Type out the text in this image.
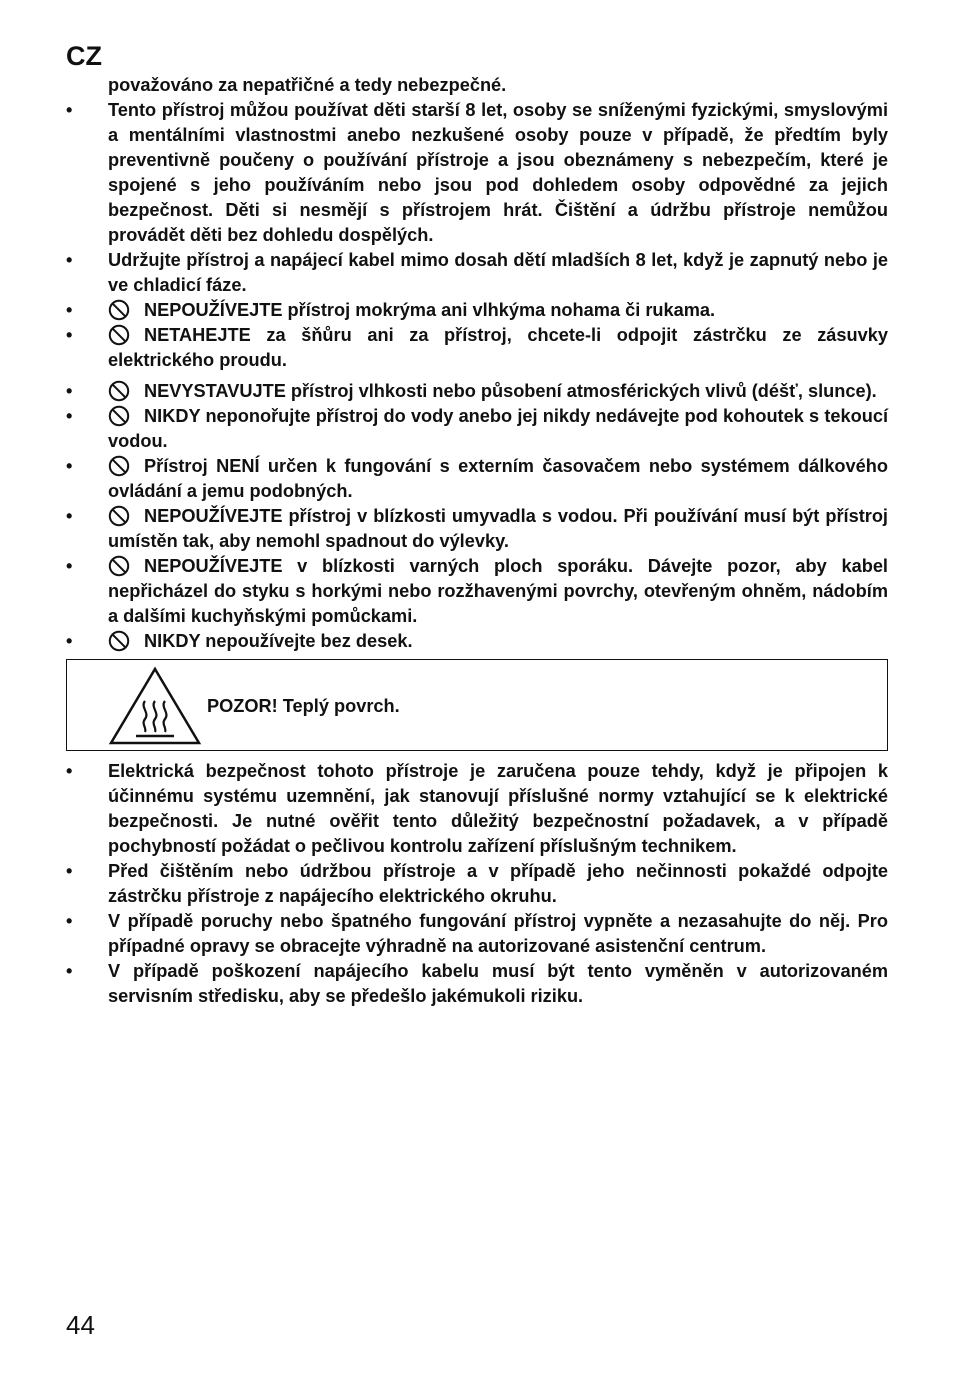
CZ

považováno za nepatřičné a tedy nebezpečné.

•	Tento přístroj můžou používat děti starší 8 let, osoby se sníženými fyzickými, smyslovými a mentálními vlastnostmi anebo nezkušené osoby pouze v případě, že předtím byly preventivně poučeny o používání přístroje a jsou obeznámeny s nebezpečím, které je spojené s jeho používáním nebo jsou pod dohledem osoby odpovědné za jejich bezpečnost. Děti si nesmějí s přístrojem hrát. Čištění a údržbu přístroje nemůžou provádět děti bez dohledu dospělých.
•	Udržujte přístroj a napájecí kabel mimo dosah dětí mladších 8 let, když je zapnutý nebo je ve chladicí fáze.
•	NEPOUŽÍVEJTE přístroj mokrýma ani vlhkýma nohama či rukama.
•	NETAHEJTE za šňůru ani za přístroj, chcete-li odpojit zástrčku ze zásuvky elektrického proudu.
•	NEVYSTAVUJTE přístroj vlhkosti nebo působení atmosférických vlivů (déšť, slunce).
•	NIKDY neponořujte přístroj do vody anebo jej nikdy nedávejte pod kohoutek s tekoucí vodou.
•	Přístroj NENÍ určen k fungování s externím časovačem nebo systémem dálkového ovládání a jemu podobných.
•	NEPOUŽÍVEJTE přístroj v blízkosti umyvadla s vodou. Při používání musí být přístroj umístěn tak, aby nemohl spadnout do výlevky.
•	NEPOUŽÍVEJTE v blízkosti varných ploch sporáku. Dávejte pozor, aby kabel nepřicházel do styku s horkými nebo rozžhavenými povrchy, otevřeným ohněm, nádobím a dalšími kuchyňskými pomůckami.
•	NIKDY nepoužívejte bez desek.
POZOR! Teplý povrch.
•	Elektrická bezpečnost tohoto přístroje je zaručena pouze tehdy, když je připojen k účinnému systému uzemnění, jak stanovují příslušné normy vztahující se k elektrické bezpečnosti. Je nutné ověřit tento důležitý bezpečnostní požadavek, a v případě pochybností požádat o pečlivou kontrolu zařízení příslušným technikem.
•	Před čištěním nebo údržbou přístroje a v případě jeho nečinnosti pokaždé odpojte zástrčku přístroje z napájecího elektrického okruhu.
•	V případě poruchy nebo špatného fungování přístroj vypněte a nezasahujte do něj. Pro případné opravy se obracejte výhradně na autorizované asistenční centrum.
•	V případě poškození napájecího kabelu musí být tento vyměněn v autorizovaném servisním středisku, aby se předešlo jakémukoli riziku.
44
